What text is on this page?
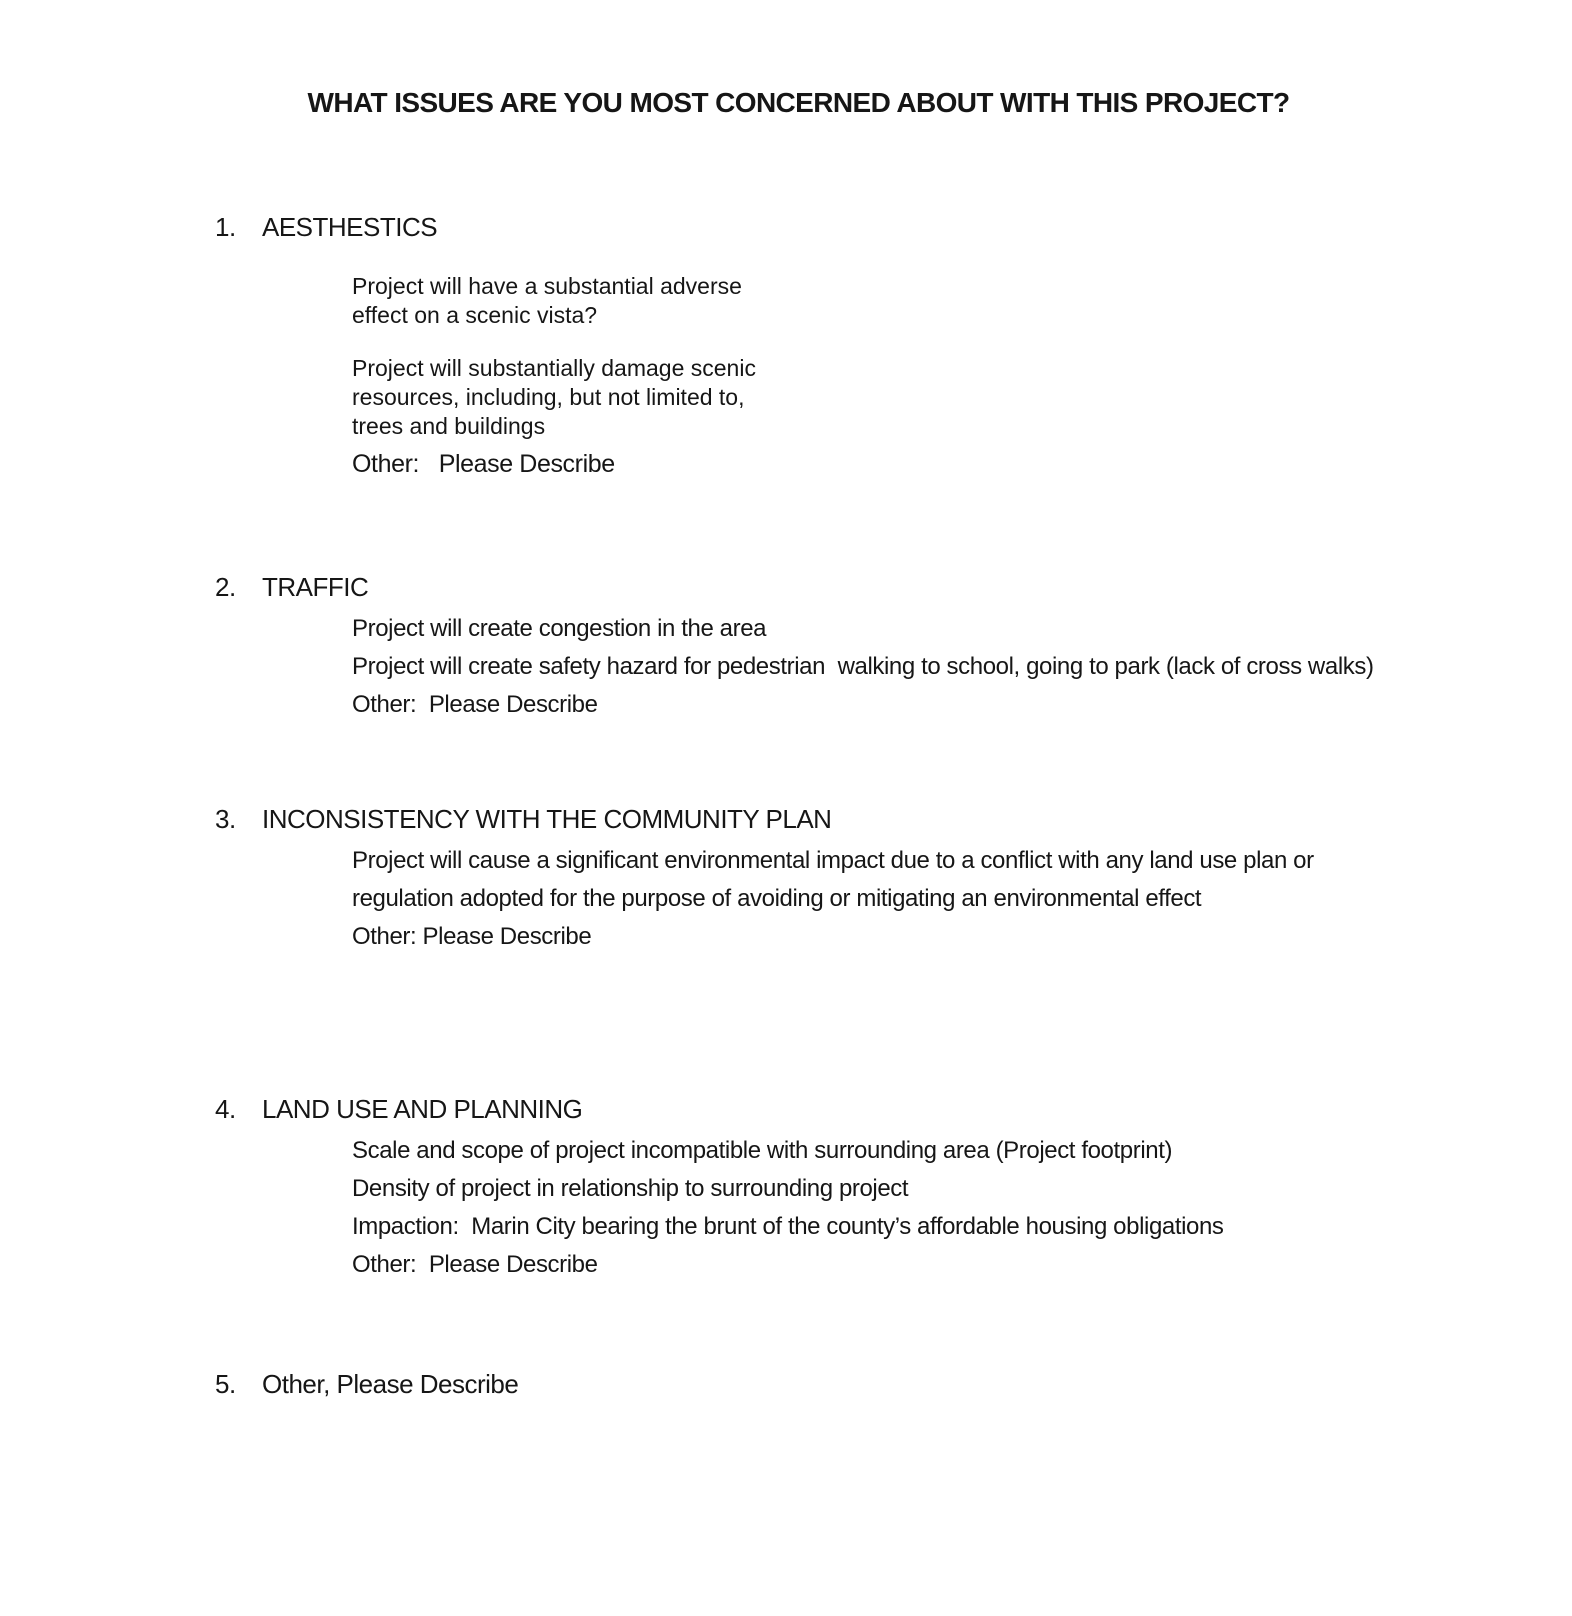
WHAT ISSUES ARE YOU MOST CONCERNED ABOUT WITH THIS PROJECT?
1.	AESTHESTICS

Project will have a substantial adverse effect on a scenic vista?

Project will substantially damage scenic resources, including, but not limited to, trees and buildings

Other:   Please Describe

2.	TRAFFIC

Project will create congestion in the area

Project will create safety hazard for pedestrian  walking to school, going to park (lack of cross walks)

Other:  Please Describe

3.	INCONSISTENCY WITH THE COMMUNITY PLAN

Project will cause a significant environmental impact due to a conflict with any land use plan or regulation adopted for the purpose of avoiding or mitigating an environmental effect

Other: Please Describe

4.	LAND USE AND PLANNING

Scale and scope of project incompatible with surrounding area (Project footprint)

Density of project in relationship to surrounding project

Impaction:  Marin City bearing the brunt of the county’s affordable housing obligations

Other:  Please Describe

5.	Other, Please Describe
